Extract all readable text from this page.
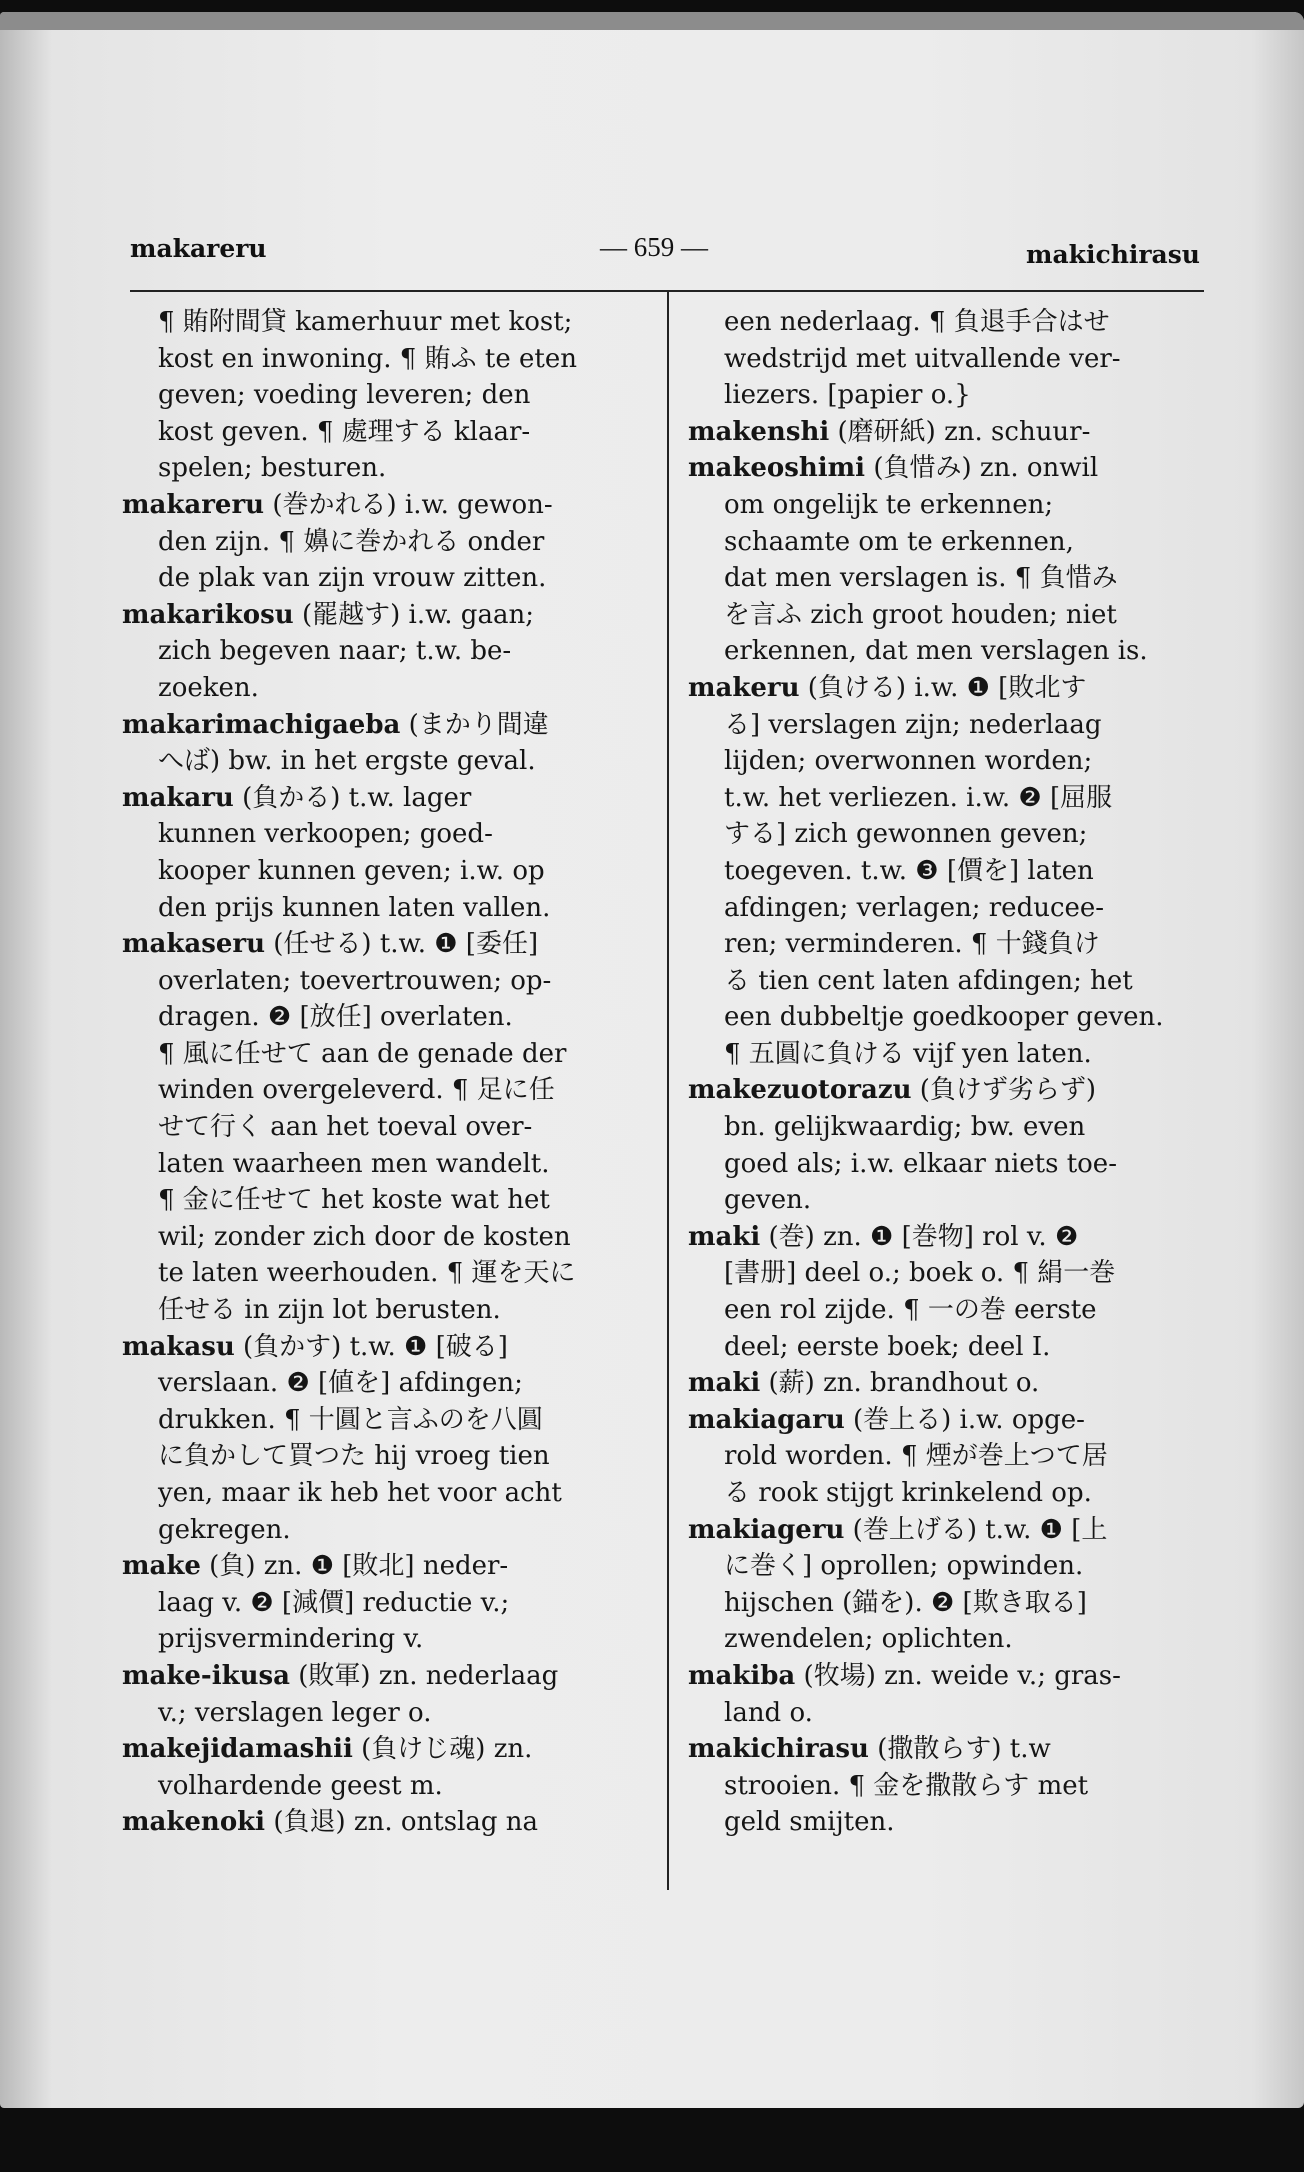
makareru	— 659 —	makichirasu
¶ 賄附間貸 kamerhuur met kost;
kost en inwoning. ¶ 賄ふ te eten
geven; voeding leveren; den
kost geven. ¶ 處理する klaar-
spelen; besturen.
makareru (巻かれる) i.w. gewon-
den zijn. ¶ 嬶に巻かれる onder
de plak van zijn vrouw zitten.
makarikosu (罷越す) i.w. gaan;
zich begeven naar; t.w. be-
zoeken.
makarimachigaeba (まかり間違
へば) bw. in het ergste geval.
makaru (負かる) t.w. lager
kunnen verkoopen; goed-
kooper kunnen geven; i.w. op
den prijs kunnen laten vallen.
makaseru (任せる) t.w. ❶ [委任]
overlaten; toevertrouwen; op-
dragen. ❷ [放任] overlaten.
¶ 風に任せて aan de genade der
winden overgeleverd. ¶ 足に任
せて行く aan het toeval over-
laten waarheen men wandelt.
¶ 金に任せて het koste wat het
wil; zonder zich door de kosten
te laten weerhouden. ¶ 運を天に
任せる in zijn lot berusten.
makasu (負かす) t.w. ❶ [破る]
verslaan. ❷ [値を] afdingen;
drukken. ¶ 十圓と言ふのを八圓
に負かして買つた hij vroeg tien
yen, maar ik heb het voor acht
gekregen.
make (負) zn. ❶ [敗北] neder-
laag v. ❷ [減價] reductie v.;
prijsvermindering v.
make-ikusa (敗軍) zn. nederlaag
v.; verslagen leger o.
makejidamashii (負けじ魂) zn.
volhardende geest m.
makenoki (負退) zn. ontslag na
een nederlaag. ¶ 負退手合はせ
wedstrijd met uitvallende ver-
liezers. [papier o.}
makenshi (磨研紙) zn. schuur-
makeoshimi (負惜み) zn. onwil
om ongelijk te erkennen;
schaamte om te erkennen,
dat men verslagen is. ¶ 負惜み
を言ふ zich groot houden; niet
erkennen, dat men verslagen is.
makeru (負ける) i.w. ❶ [敗北す
る] verslagen zijn; nederlaag
lijden; overwonnen worden;
t.w. het verliezen. i.w. ❷ [屈服
する] zich gewonnen geven;
toegeven. t.w. ❸ [價を] laten
afdingen; verlagen; reducee-
ren; verminderen. ¶ 十錢負け
る tien cent laten afdingen; het
een dubbeltje goedkooper geven.
¶ 五圓に負ける vijf yen laten.
makezuotorazu (負けず劣らず)
bn. gelijkwaardig; bw. even
goed als; i.w. elkaar niets toe-
geven.
maki (巻) zn. ❶ [巻物] rol v. ❷
[書册] deel o.; boek o. ¶ 絹一巻
een rol zijde. ¶ 一の巻 eerste
deel; eerste boek; deel I.
maki (薪) zn. brandhout o.
makiagaru (巻上る) i.w. opge-
rold worden. ¶ 煙が巻上つて居
る rook stijgt krinkelend op.
makiageru (巻上げる) t.w. ❶ [上
に巻く] oprollen; opwinden.
hijschen (錨を). ❷ [欺き取る]
zwendelen; oplichten.
makiba (牧場) zn. weide v.; gras-
land o.
makichirasu (撒散らす) t.w
strooien. ¶ 金を撒散らす met
geld smijten.
